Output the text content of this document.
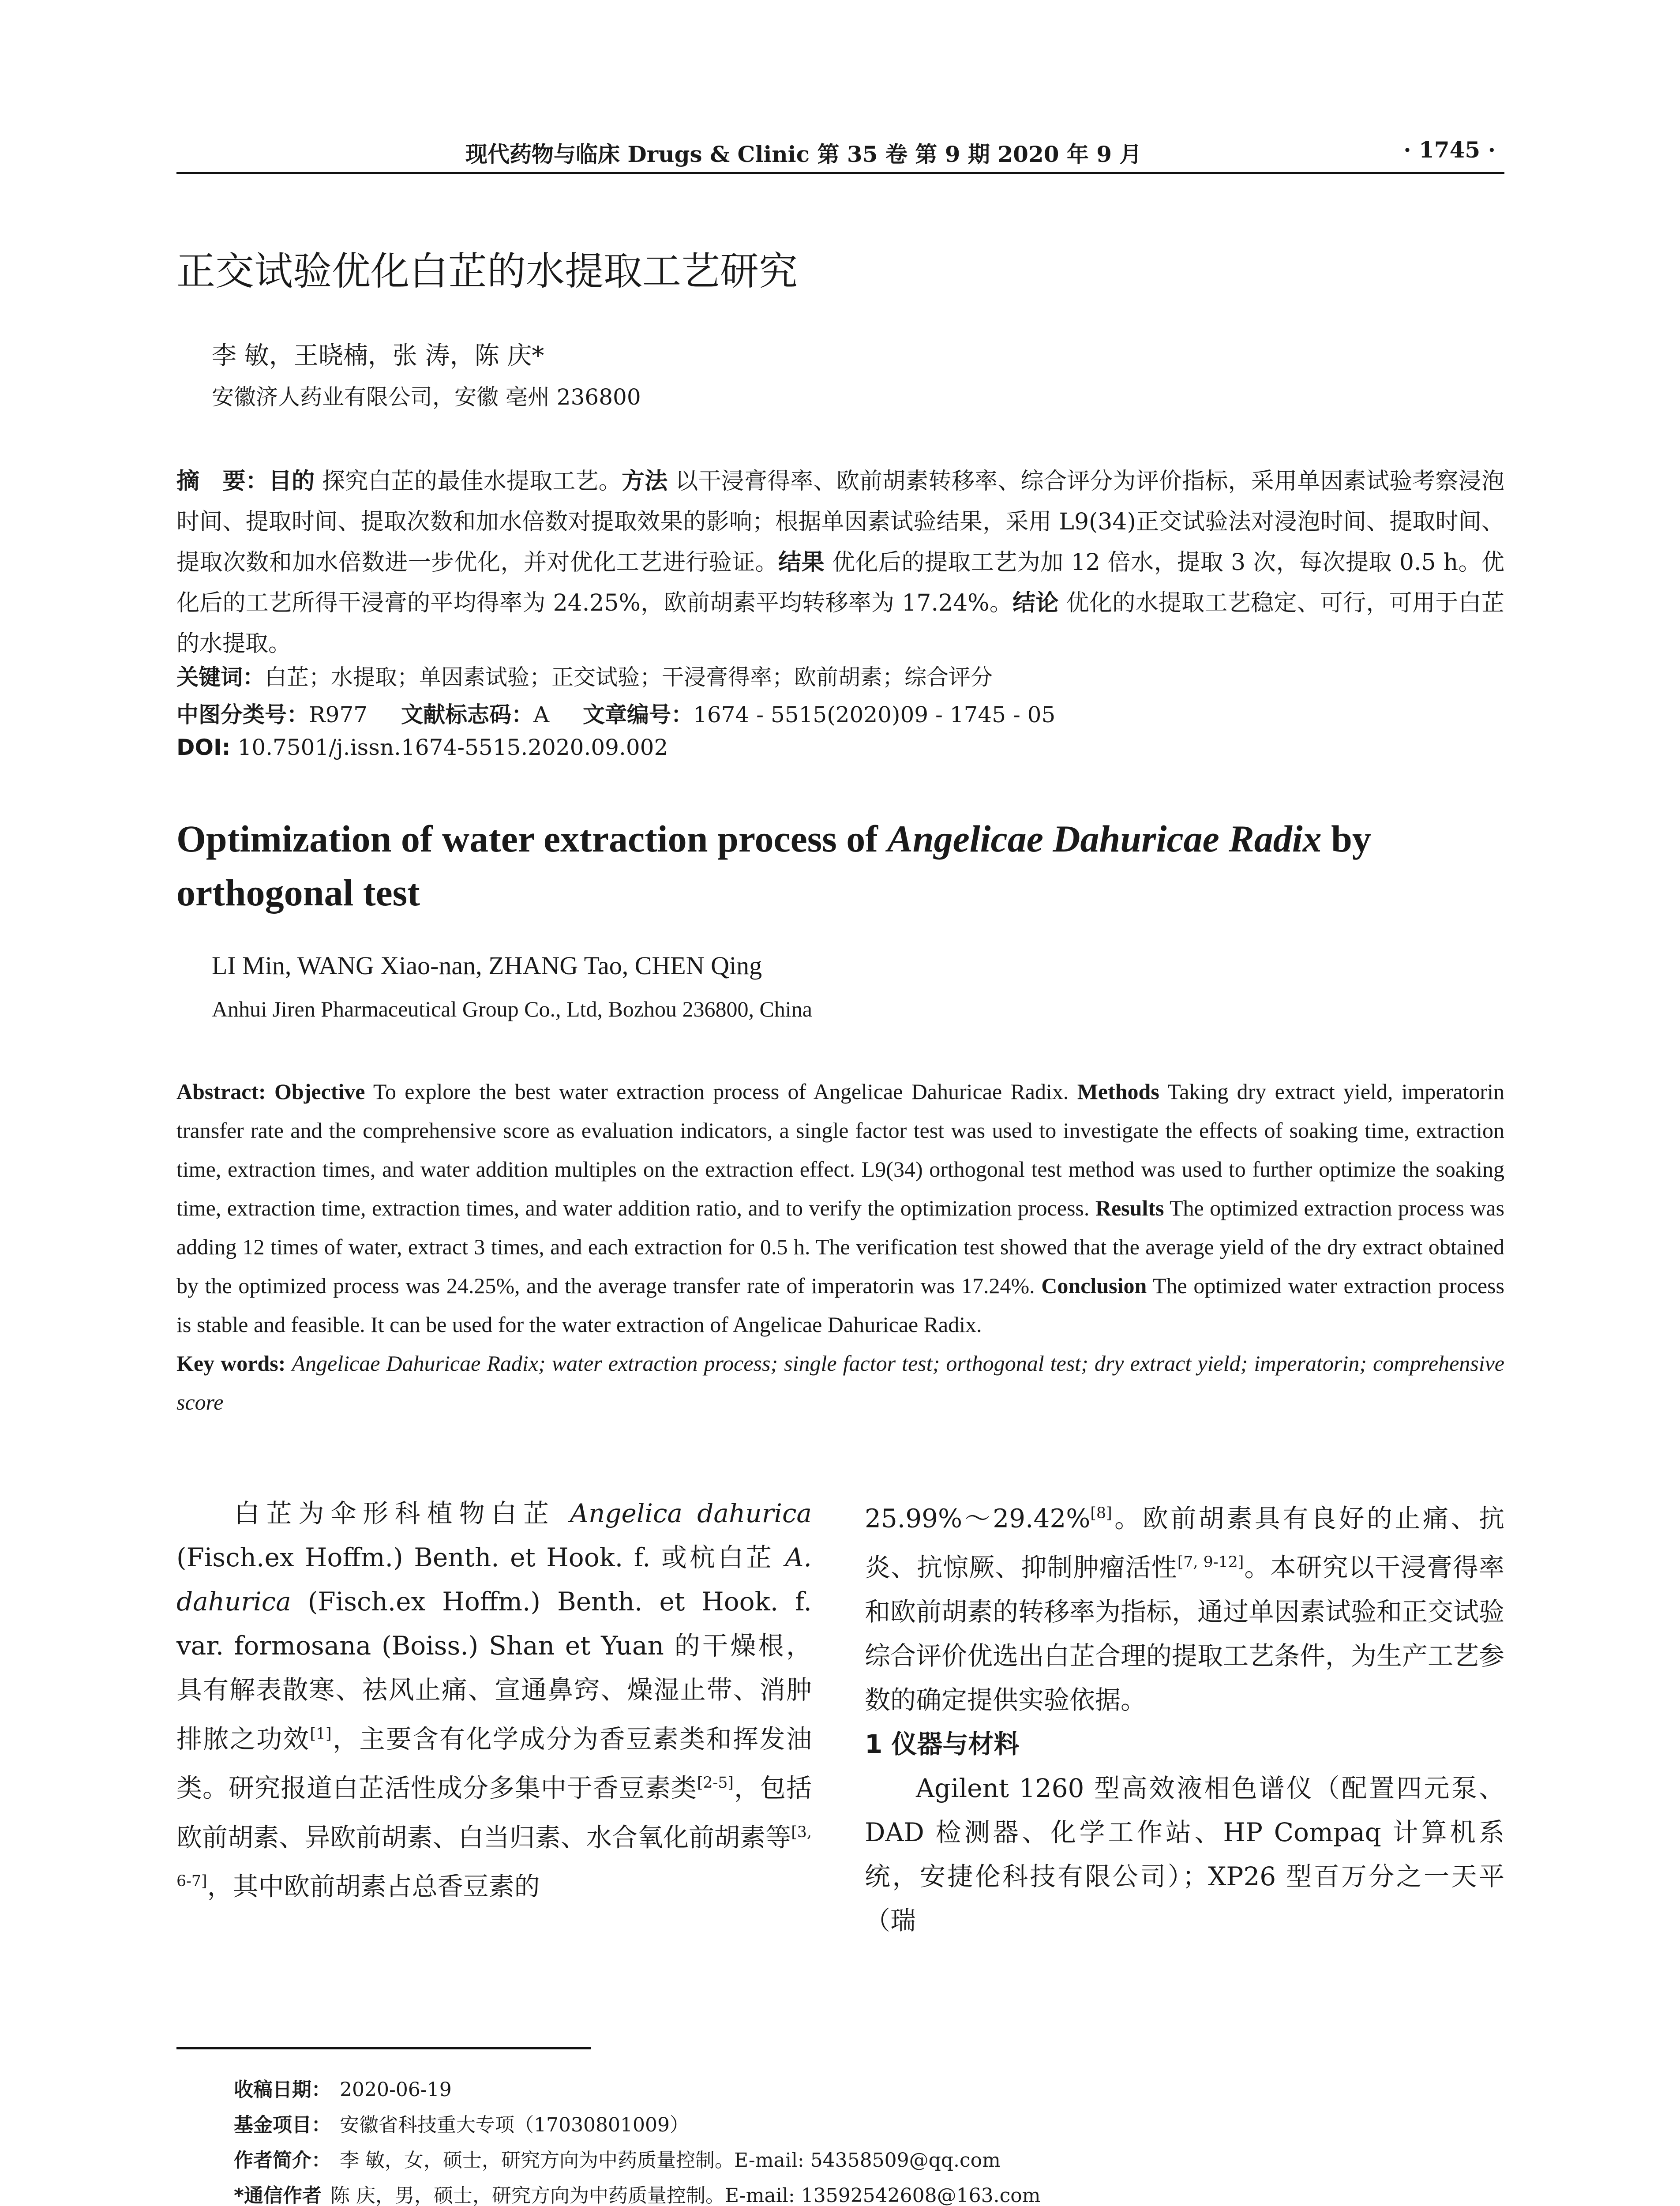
现代药物与临床 Drugs & Clinic 第 35 卷 第 9 期 2020 年 9 月	· 1745 ·
正交试验优化白芷的水提取工艺研究
李 敏，王晓楠，张 涛，陈 庆*
安徽济人药业有限公司，安徽 亳州 236800
摘　要：目的 探究白芷的最佳水提取工艺。方法 以干浸膏得率、欧前胡素转移率、综合评分为评价指标，采用单因素试验考察浸泡时间、提取时间、提取次数和加水倍数对提取效果的影响；根据单因素试验结果，采用 L9(34)正交试验法对浸泡时间、提取时间、提取次数和加水倍数进一步优化，并对优化工艺进行验证。结果 优化后的提取工艺为加 12 倍水，提取 3 次，每次提取 0.5 h。优化后的工艺所得干浸膏的平均得率为 24.25%，欧前胡素平均转移率为 17.24%。结论 优化的水提取工艺稳定、可行，可用于白芷的水提取。
关键词：白芷；水提取；单因素试验；正交试验；干浸膏得率；欧前胡素；综合评分
中图分类号：R977 文献标志码：A 文章编号：1674 - 5515(2020)09 - 1745 - 05
DOI: 10.7501/j.issn.1674-5515.2020.09.002
Optimization of water extraction process of Angelicae Dahuricae Radix by orthogonal test
LI Min, WANG Xiao-nan, ZHANG Tao, CHEN Qing
Anhui Jiren Pharmaceutical Group Co., Ltd, Bozhou 236800, China
Abstract: Objective To explore the best water extraction process of Angelicae Dahuricae Radix. Methods Taking dry extract yield, imperatorin transfer rate and the comprehensive score as evaluation indicators, a single factor test was used to investigate the effects of soaking time, extraction time, extraction times, and water addition multiples on the extraction effect. L9(34) orthogonal test method was used to further optimize the soaking time, extraction time, extraction times, and water addition ratio, and to verify the optimization process. Results The optimized extraction process was adding 12 times of water, extract 3 times, and each extraction for 0.5 h. The verification test showed that the average yield of the dry extract obtained by the optimized process was 24.25%, and the average transfer rate of imperatorin was 17.24%. Conclusion The optimized water extraction process is stable and feasible. It can be used for the water extraction of Angelicae Dahuricae Radix.
Key words: Angelicae Dahuricae Radix; water extraction process; single factor test; orthogonal test; dry extract yield; imperatorin; comprehensive score
白芷为伞形科植物白芷 Angelica dahurica (Fisch.ex Hoffm.) Benth. et Hook. f. 或杭白芷 A. dahurica (Fisch.ex Hoffm.) Benth. et Hook. f. var. formosana (Boiss.) Shan et Yuan 的干燥根，具有解表散寒、祛风止痛、宣通鼻窍、燥湿止带、消肿排脓之功效[1]，主要含有化学成分为香豆素类和挥发油类。研究报道白芷活性成分多集中于香豆素类[2-5]，包括欧前胡素、异欧前胡素、白当归素、水合氧化前胡素等[3, 6-7]，其中欧前胡素占总香豆素的
25.99%～29.42%[8]。欧前胡素具有良好的止痛、抗炎、抗惊厥、抑制肿瘤活性[7, 9-12]。本研究以干浸膏得率和欧前胡素的转移率为指标，通过单因素试验和正交试验综合评价优选出白芷合理的提取工艺条件，为生产工艺参数的确定提供实验依据。
1 仪器与材料
Agilent 1260 型高效液相色谱仪（配置四元泵、DAD 检测器、化学工作站、HP Compaq 计算机系统，安捷伦科技有限公司）；XP26 型百万分之一天平（瑞
收稿日期： 2020-06-19
基金项目： 安徽省科技重大专项（17030801009）
作者简介： 李 敏，女，硕士，研究方向为中药质量控制。E-mail: 54358509@qq.com
*通信作者 陈 庆，男，硕士，研究方向为中药质量控制。E-mail: 13592542608@163.com
